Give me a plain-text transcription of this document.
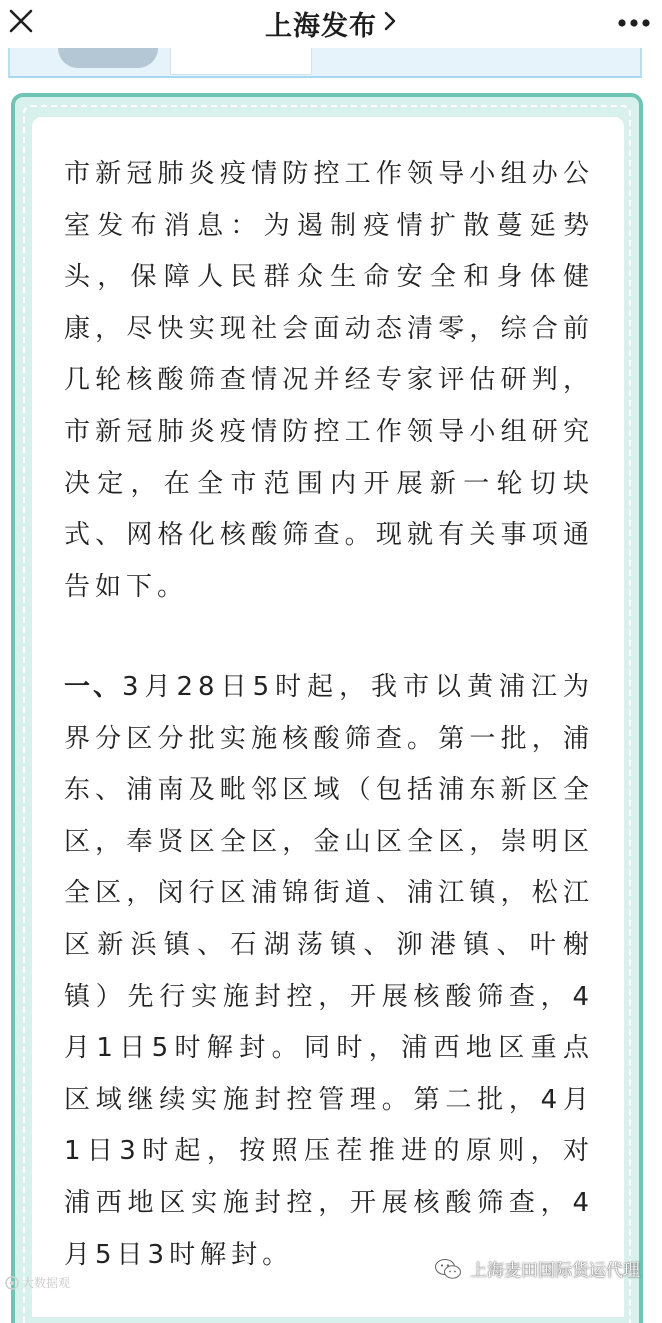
上海发布

市新冠肺炎疫情防控工作领导小组办公室发布消息：为遏制疫情扩散蔓延势头，保障人民群众生命安全和身体健康，尽快实现社会面动态清零，综合前几轮核酸筛查情况并经专家评估研判，市新冠肺炎疫情防控工作领导小组研究决定，在全市范围内开展新一轮切块式、网格化核酸筛查。现就有关事项通告如下。

一、3月28日5时起，我市以黄浦江为界分区分批实施核酸筛查。第一批，浦东、浦南及毗邻区域（包括浦东新区全区，奉贤区全区，金山区全区，崇明区全区，闵行区浦锦街道、浦江镇，松江区新浜镇、石湖荡镇、泖港镇、叶榭镇）先行实施封控，开展核酸筛查，4月1日5时解封。同时，浦西地区重点区域继续实施封控管理。第二批，4月1日3时起，按照压茬推进的原则，对浦西地区实施封控，开展核酸筛查，4月5日3时解封。

大数据观
上海麦田国际货运代理
